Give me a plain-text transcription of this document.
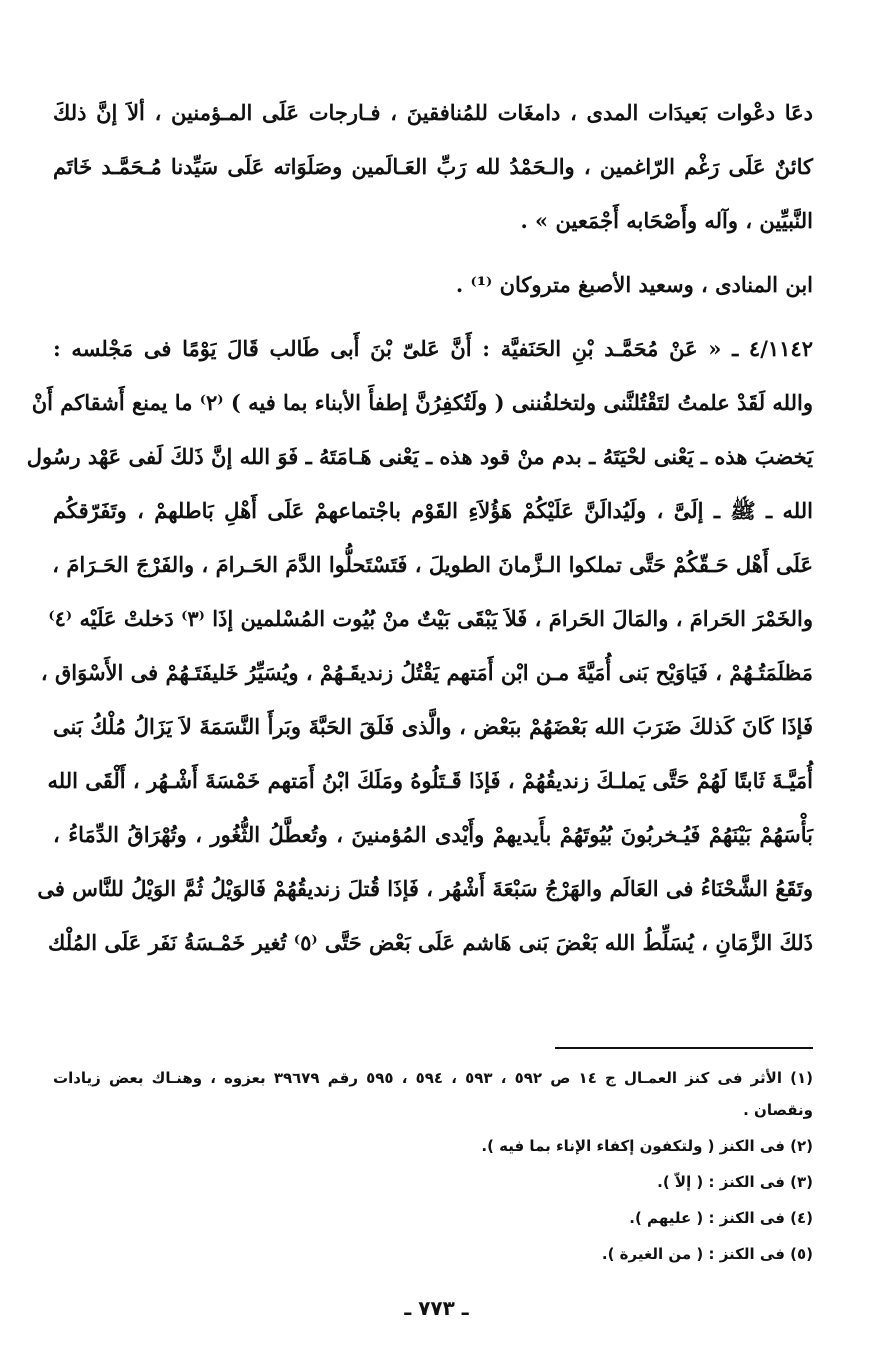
دعَا دعْوات بَعيدَات المدى ، دامغَات للمُنافقينَ ، فـارجات عَلَى المـؤمنين ، ألاَ إنَّ ذلكَ
كائنٌ عَلَى رَغْم الرّاغمين ، والـحَمْدُ لله رَبِّ العَـالَمين وصَلَوَاته عَلَى سَيِّدنا مُـحَمَّـد خَاتَم
النَّبيِّين ، وآله وأَصْحَابه أَجْمَعين » .
ابن المنادى ، وسعيد الأصبغ متروكان ⁽¹⁾ .
٤/١١٤٢ ـ « عَنْ مُحَمَّـد بْنِ الحَنَفيَّة : أَنَّ عَلىّ بْنَ أَبى طَالب قَالَ يَوْمًا فى مَجْلسه :
والله لَقَدْ علمتُ لتَقْتُلنَّنى ولتخلفُننى ( ولَتُكفِرُنَّ إطفأَ الأبناء بما فيه ) ⁽٢⁾ ما يمنع أَشقاكم أَنْ
يَخضبَ هذه ـ يَعْنى لحْيَتَهُ ـ بدم منْ قود هذه ـ يَعْنى هَـامَتَهُ ـ فَوَ الله إنَّ ذَلكَ لَفى عَهْد رسُول
الله ـ ﷺ ـ إلَىَّ ، ولَيُدالَنَّ عَلَيْكُمْ هَؤُلاَءِ القَوْم باجْتماعهمْ عَلَى أَهْلِ بَاطلهمْ ، وتَفَرّقكُم
عَلَى أَهْل حَـقّكُمْ حَتَّى تملكوا الـزَّمانَ الطويلَ ، فَتَسْتَحلُّوا الدَّمَ الحَـرامَ ، والفَرْجَ الحَـرَامَ ،
والخَمْرَ الحَرامَ ، والمَالَ الحَرامَ ، فَلاَ يَبْقَى بَيْتٌ منْ بُيُوت المُسْلمين إذَا ⁽٣⁾ دَخلتْ عَلَيْه ⁽٤⁾
مَظلَمَتُـهُمْ ، فَيَاوَيْح بَنى أُمَيَّةَ مـن ابْن أَمَتهم يَقْتُلُ زنديقَـهُمْ ، ويُسَيِّرُ خَليفَتَـهُمْ فى الأَسْوَاق ،
فَإذَا كَانَ كَذلكَ ضَرَبَ الله بَعْضَهُمْ ببَعْض ، والَّذى فَلَقَ الحَبَّةَ وبَرأَ النَّسَمَةَ لاَ يَزَالُ مُلْكُ بَنى
أُمَيَّـةَ ثَابتًا لَهُمْ حَتَّى يَملـكَ زنديقُهُمْ ، فَإذَا قَـتَلُوهُ ومَلَكَ ابْنُ أَمَتهم خَمْسَةَ أَشْـهُر ، أَلْقَى الله
بَأْسَهُمْ بَيْنَهُمْ فَيُـخربُونَ بُيُوتَهُمْ بأَيديهمْ وأَيْدى المُؤمنينَ ، وتُعطَّلُ الثُّغُور ، وتُهْرَاقُ الدِّمَاءُ ،
وتَقَعُ الشَّحْنَاءُ فى العَالَم والهَرْجُ سَبْعَةَ أَشْهُر ، فَإذَا قُتلَ زنديقُهُمْ فَالوَيْلُ ثُمَّ الوَيْلُ للنَّاس فى
ذَلكَ الزَّمَانِ ، يُسَلِّطُ الله بَعْضَ بَنى هَاشم عَلَى بَعْض حَتَّى ⁽٥⁾ تُغير خَمْـسَةُ نَفَر عَلَى المُلْك
(١) الأثر فى كنز العمـال ج ١٤ ص ٥٩٢ ، ٥٩٣ ، ٥٩٤ ، ٥٩٥ رقم ٣٩٦٧٩ بعزوه ، وهنـاك بعض زيادات
ونقصان .
(٢) فى الكنز ( ولتكفون إكفاء الإناء بما فيه ).
(٣) فى الكنز : ( إلاّ ).
(٤) فى الكنز : ( عليهم ).
(٥) فى الكنز : ( من الغيرة ).
ـ ٧٧٣ ـ
